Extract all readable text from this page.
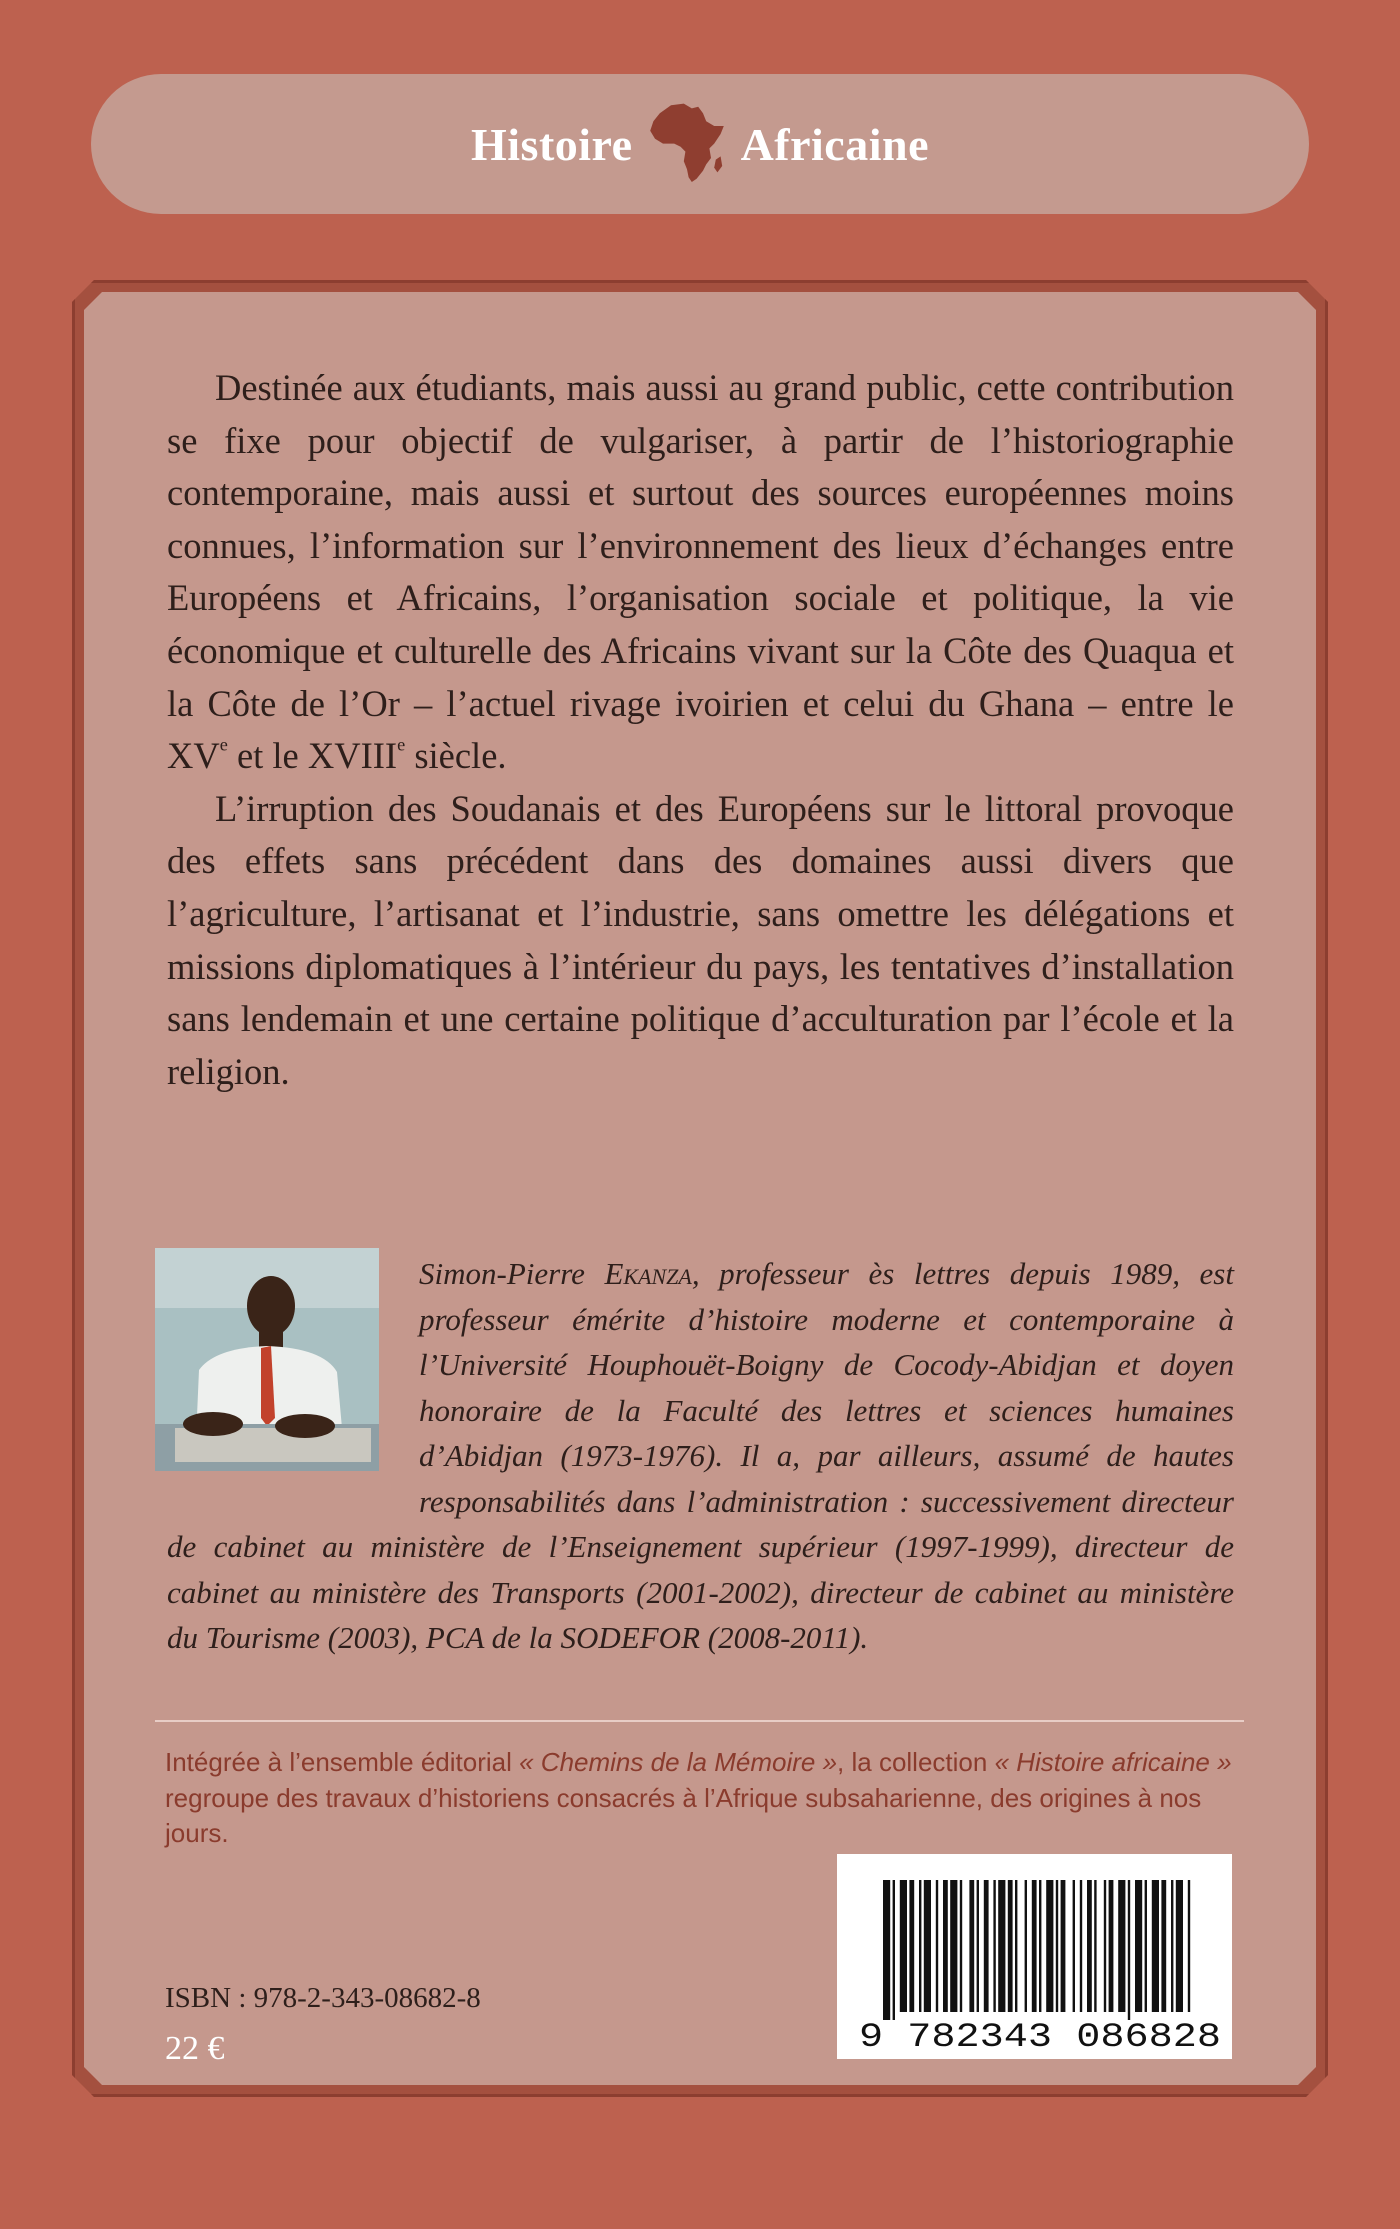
Histoire Africaine

Destinée aux étudiants, mais aussi au grand public, cette contribution se fixe pour objectif de vulgariser, à partir de l’historiographie contemporaine, mais aussi et surtout des sources européennes moins connues, l’information sur l’environnement des lieux d’échanges entre Européens et Africains, l’organisation sociale et politique, la vie économique et culturelle des Africains vivant sur la Côte des Quaqua et la Côte de l’Or – l’actuel rivage ivoirien et celui du Ghana – entre le XVe et le XVIIIe siècle.

L’irruption des Soudanais et des Européens sur le littoral provoque des effets sans précédent dans des domaines aussi divers que l’agriculture, l’artisanat et l’industrie, sans omettre les délégations et missions diplomatiques à l’intérieur du pays, les tentatives d’installation sans lendemain et une certaine politique d’acculturation par l’école et la religion.

Simon-Pierre Ekanza, professeur ès lettres depuis 1989, est professeur émérite d’histoire moderne et contemporaine à l’Université Houphouët-Boigny de Cocody-Abidjan et doyen honoraire de la Faculté des lettres et sciences humaines d’Abidjan (1973-1976). Il a, par ailleurs, assumé de hautes responsabilités dans l’administration : successivement directeur de cabinet au ministère de l’Enseignement supérieur (1997-1999), directeur de cabinet au ministère des Transports (2001-2002), directeur de cabinet au ministère du Tourisme (2003), PCA de la SODEFOR (2008-2011).
Intégrée à l’ensemble éditorial « Chemins de la Mémoire », la collection « Histoire africaine » regroupe des travaux d’historiens consacrés à l’Afrique subsaharienne, des origines à nos jours.
9 782343 086828
ISBN : 978-2-343-08682-8
22 €
